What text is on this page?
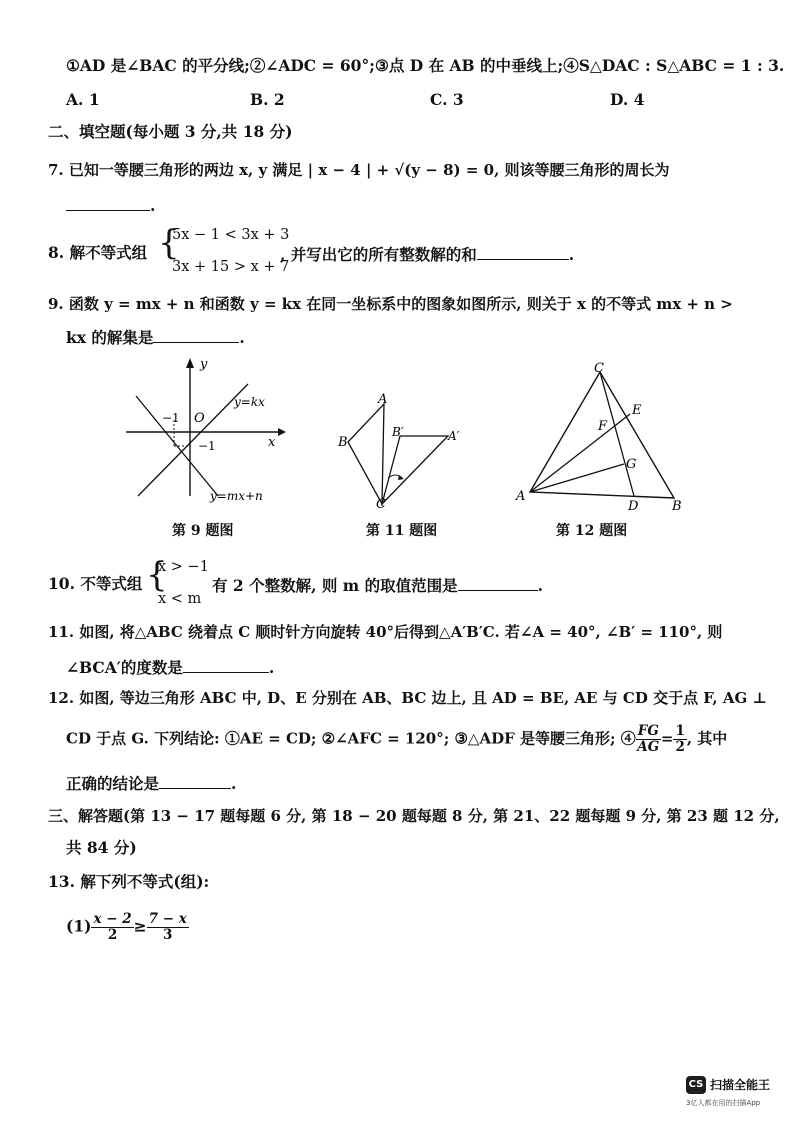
①AD 是∠BAC 的平分线;②∠ADC = 60°;③点 D 在 AB 的中垂线上;④S△DAC : S△ABC = 1 : 3.
A. 1	B. 2	C. 3	D. 4
二、填空题(每小题 3 分,共 18 分)
7. 已知一等腰三角形的两边 x, y 满足 | x − 4 | + √(y − 8) = 0, 则该等腰三角形的周长为
.
8. 解不等式组 {
5x − 1 < 3x + 3
3x + 15 > x + 7
, 并写出它的所有整数解的和	.
9. 函数 y = mx + n 和函数 y = kx 在同一坐标系中的图象如图所示, 则关于 x 的不等式 mx + n >
kx 的解集是	.
y
x
O
−1
−1
y=kx
y=mx+n
第 9 题图
A
B
B′	A′
C
第 11 题图
C
E
F
G
A
D	B
第 12 题图
10. 不等式组 {
x > −1
x < m
有 2 个整数解, 则 m 的取值范围是	.
11. 如图, 将△ABC 绕着点 C 顺时针方向旋转 40°后得到△A′B′C. 若∠A = 40°, ∠B′ = 110°, 则
∠BCA′的度数是	.
12. 如图, 等边三角形 ABC 中, D、E 分别在 AB、BC 边上, 且 AD = BE, AE 与 CD 交于点 F, AG ⊥
CD 于点 G. 下列结论: ①AE = CD; ②∠AFC = 120°; ③△ADF 是等腰三角形; ④ $\frac{FG}{AG} = \frac{1}{2}$ , 其中
正确的结论是	.
三、解答题(第 13 − 17 题每题 6 分, 第 18 − 20 题每题 8 分, 第 21、22 题每题 9 分, 第 23 题 12 分,
共 84 分)
13. 解下列不等式(组):
$(1) \frac{x - 2}{2} \ge \frac{7 - x}{3}$
CS 扫描全能王
3亿人都在用的扫描App
